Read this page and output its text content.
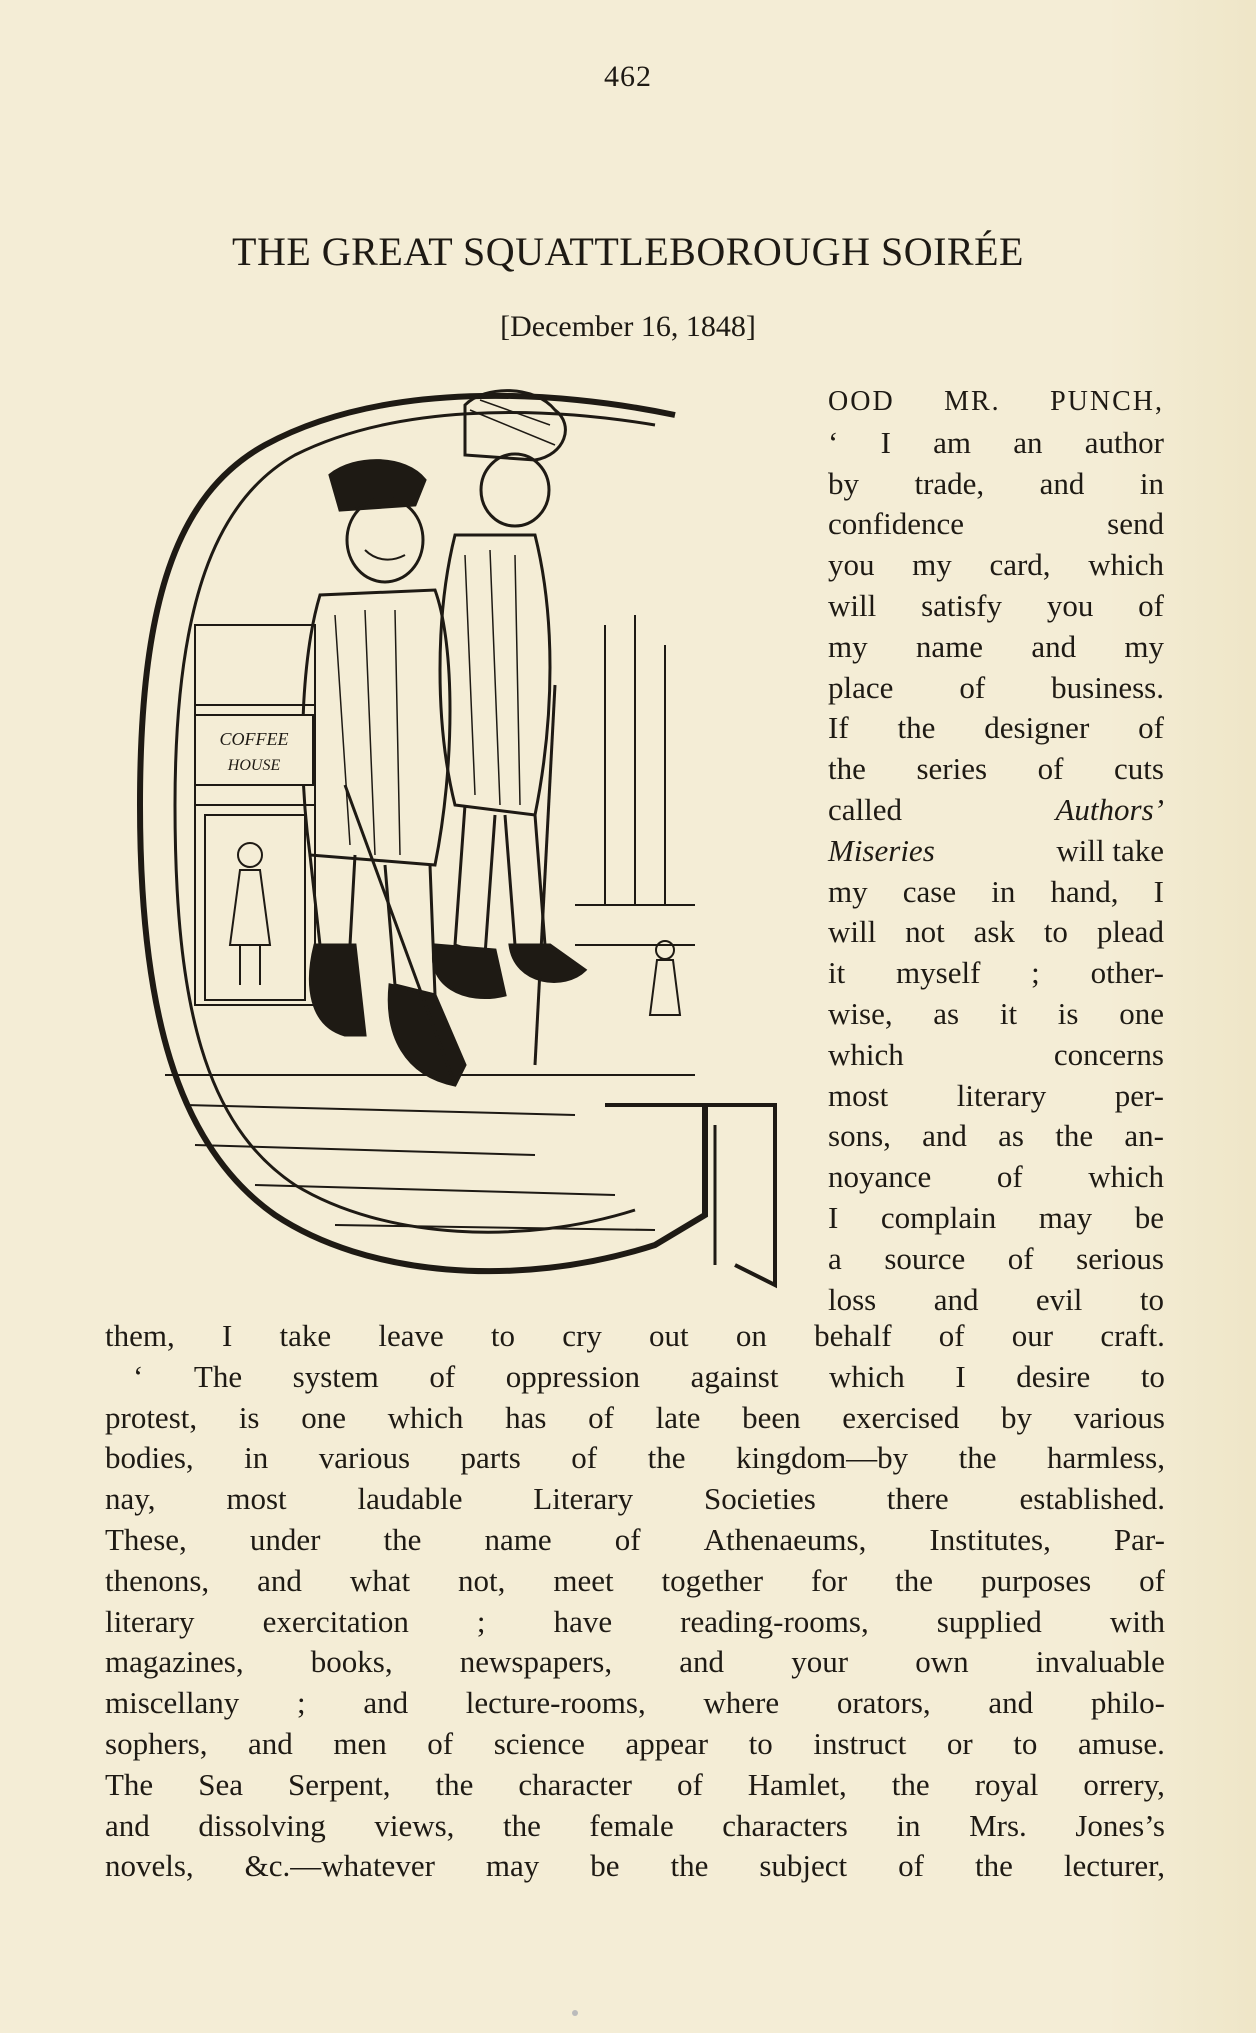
462
THE GREAT SQUATTLEBOROUGH SOIRÉE
[December 16, 1848]
COFFEE
HOUSE
OOD MR. PUNCH,
‘ I am an author
by trade, and in
confidence	send
you my card, which
will satisfy you of
my name and my
place of business.
If the designer of
the series of cuts
called	Authors’
Miseries	will take
my case in hand, I
will not ask to plead
it myself ; other-
wise, as it is one
which	concerns
most literary per-
sons, and as the an-
noyance of which
I complain may be
a source of serious
loss and evil to
them, I take leave to cry out on behalf of our craft.
‘ The system of oppression against which I desire to
protest, is one which has of late been exercised by various
bodies, in various parts of the kingdom—by the harmless,
nay, most laudable Literary Societies there established.
These, under the name of Athenaeums, Institutes, Par-
thenons, and what not, meet together for the purposes of
literary exercitation ; have reading-rooms, supplied with
magazines, books, newspapers, and your own invaluable
miscellany ; and lecture-rooms, where orators, and philo-
sophers, and men of science appear to instruct or to amuse.
The Sea Serpent, the character of Hamlet, the royal orrery,
and dissolving views, the female characters in Mrs. Jones’s
novels, &c.—whatever may be the subject of the lecturer,
